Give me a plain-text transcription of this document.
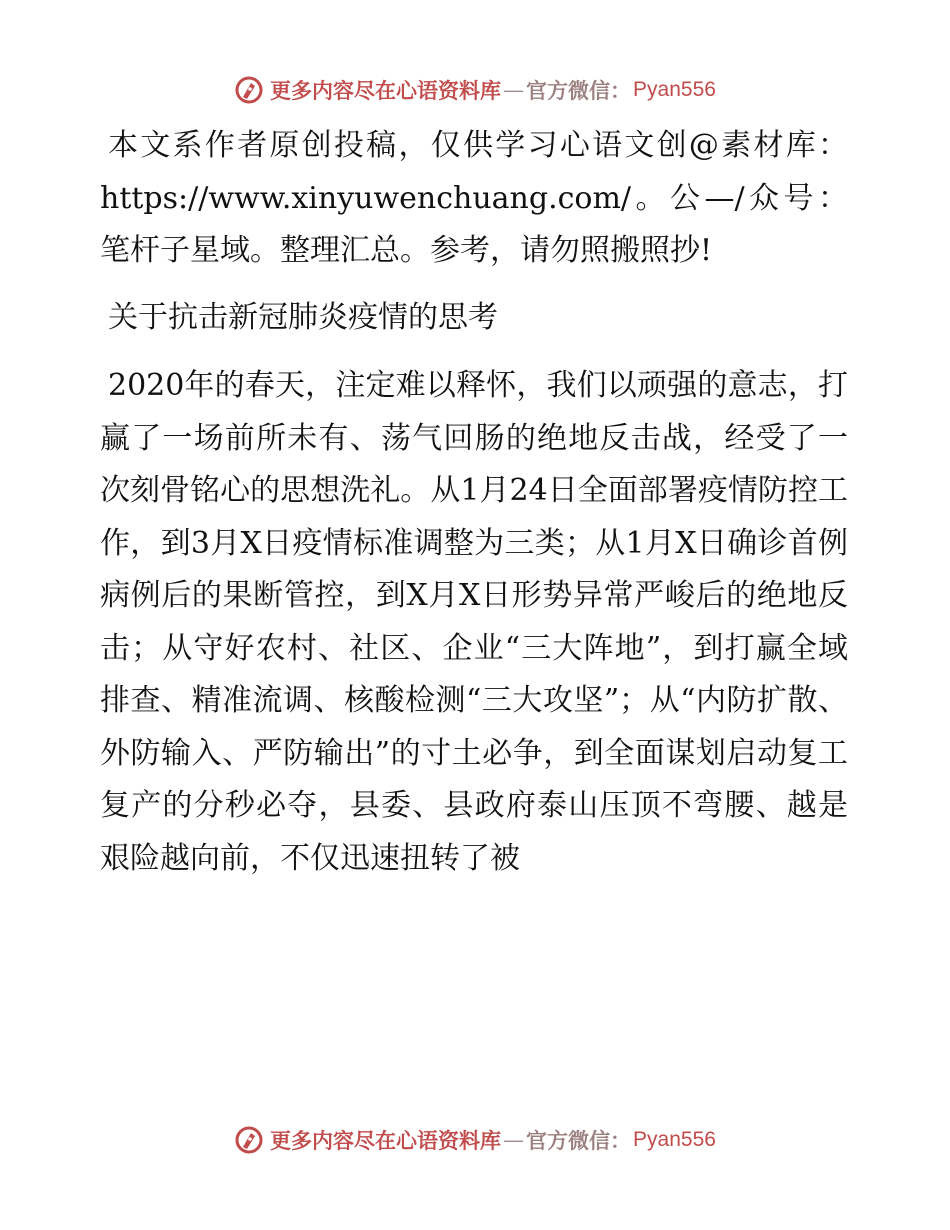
更多内容尽在心语资料库 — 官方微信： Pyan556

本文系作者原创投稿，仅供学习心语文创@素材库：https://www.xinyuwenchuang.com/。公—/众号：笔杆子星域。整理汇总。参考，请勿照搬照抄!

关于抗击新冠肺炎疫情的思考

2020年的春天，注定难以释怀，我们以顽强的意志，打赢了一场前所未有、荡气回肠的绝地反击战，经受了一次刻骨铭心的思想洗礼。从1月24日全面部署疫情防控工作，到3月X日疫情标准调整为三类；从1月X日确诊首例病例后的果断管控，到X月X日形势异常严峻后的绝地反击；从守好农村、社区、企业“三大阵地”，到打赢全域排查、精准流调、核酸检测“三大攻坚”；从“内防扩散、外防输入、严防输出”的寸土必争，到全面谋划启动复工复产的分秒必夺，县委、县政府泰山压顶不弯腰、越是艰险越向前，不仅迅速扭转了被

更多内容尽在心语资料库 — 官方微信： Pyan556
